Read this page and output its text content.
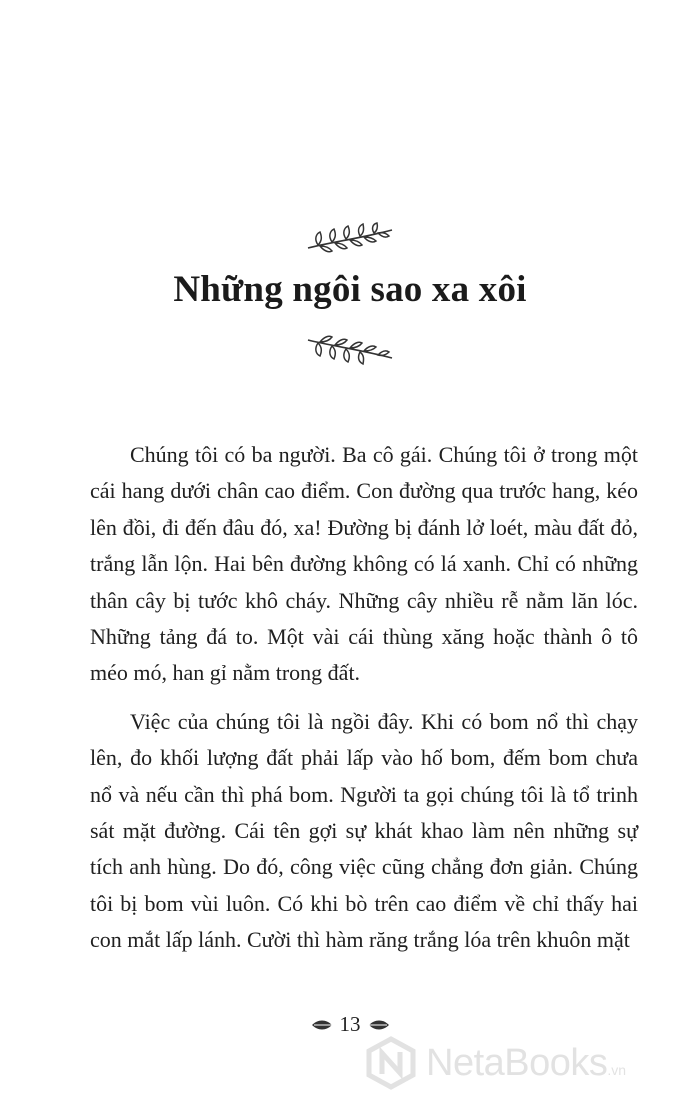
Những ngôi sao xa xôi

Chúng tôi có ba người. Ba cô gái. Chúng tôi ở trong một cái hang dưới chân cao điểm. Con đường qua trước hang, kéo lên đồi, đi đến đâu đó, xa! Đường bị đánh lở loét, màu đất đỏ, trắng lẫn lộn. Hai bên đường không có lá xanh. Chỉ có những thân cây bị tước khô cháy. Những cây nhiều rễ nằm lăn lóc. Những tảng đá to. Một vài cái thùng xăng hoặc thành ô tô méo mó, han gỉ nằm trong đất.

Việc của chúng tôi là ngồi đây. Khi có bom nổ thì chạy lên, đo khối lượng đất phải lấp vào hố bom, đếm bom chưa nổ và nếu cần thì phá bom. Người ta gọi chúng tôi là tổ trinh sát mặt đường. Cái tên gợi sự khát khao làm nên những sự tích anh hùng. Do đó, công việc cũng chẳng đơn giản. Chúng tôi bị bom vùi luôn. Có khi bò trên cao điểm về chỉ thấy hai con mắt lấp lánh. Cười thì hàm răng trắng lóa trên khuôn mặt

13
NetaBooks .vn
